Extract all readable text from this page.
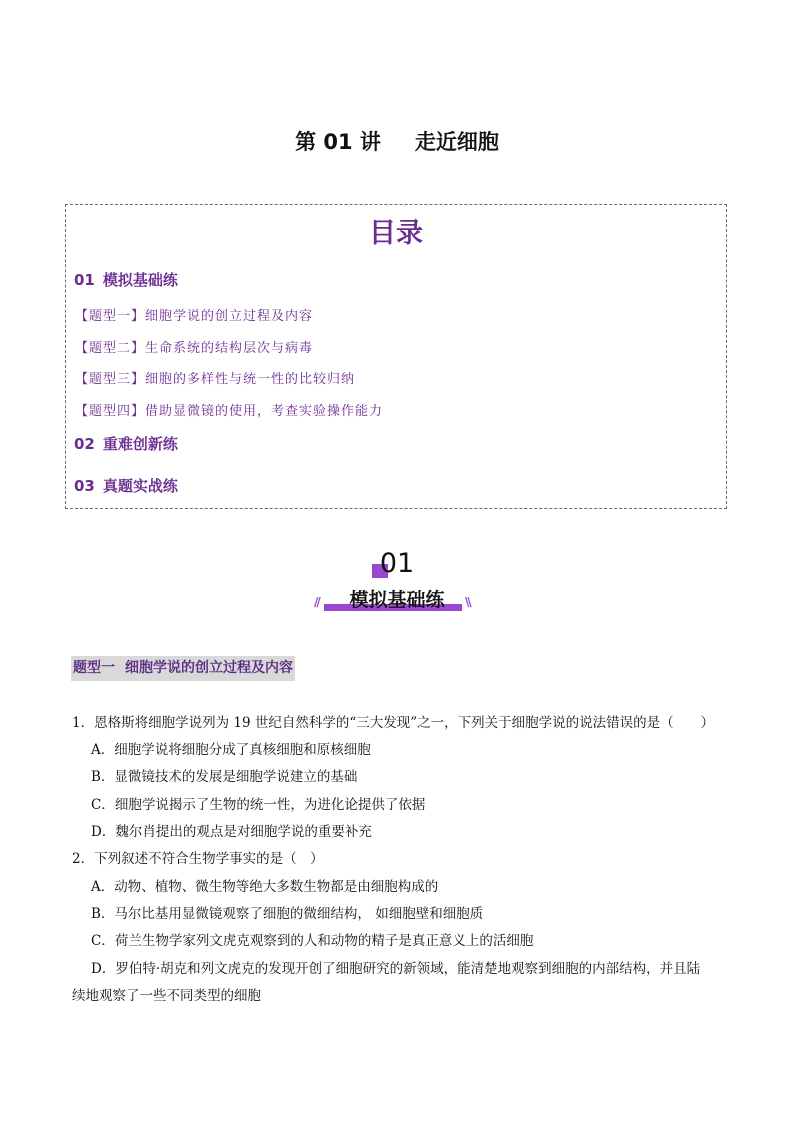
第 01 讲 走近细胞
目录
01 模拟基础练
【题型一】细胞学说的创立过程及内容
【题型二】生命系统的结构层次与病毒
【题型三】细胞的多样性与统一性的比较归纳
【题型四】借助显微镜的使用，考查实验操作能力
02 重难创新练
03 真题实战练
01
//	模拟基础练	\\
题型一 细胞学说的创立过程及内容
1．恩格斯将细胞学说列为 19 世纪自然科学的“三大发现”之一，下列关于细胞学说的说法错误的是（　　）
A．细胞学说将细胞分成了真核细胞和原核细胞
B．显微镜技术的发展是细胞学说建立的基础
C．细胞学说揭示了生物的统一性，为进化论提供了依据
D．魏尔肖提出的观点是对细胞学说的重要补充
2．下列叙述不符合生物学事实的是（　）
A．动物、植物、微生物等绝大多数生物都是由细胞构成的
B．马尔比基用显微镜观察了细胞的微细结构， 如细胞壁和细胞质
C．荷兰生物学家列文虎克观察到的人和动物的精子是真正意义上的活细胞
D．罗伯特·胡克和列文虎克的发现开创了细胞研究的新领域，能清楚地观察到细胞的内部结构，并且陆
续地观察了一些不同类型的细胞
